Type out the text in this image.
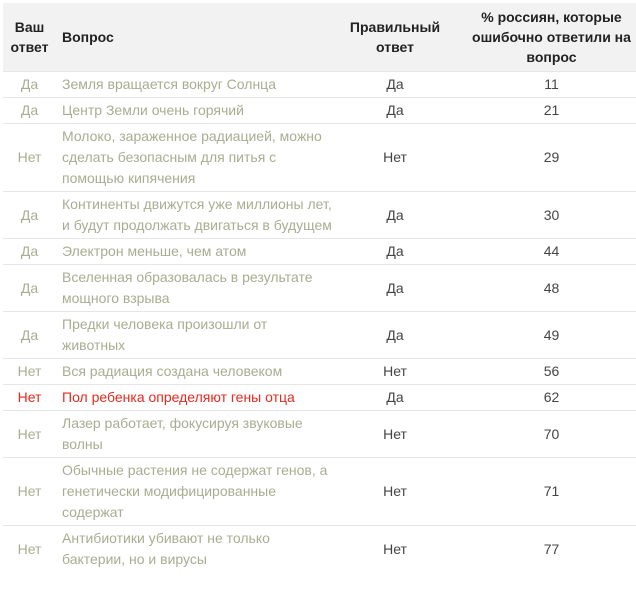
Ваш ответ	Вопрос	Правильный ответ	% россиян, которые ошибочно ответили на вопрос
Да	Земля вращается вокруг Солнца	Да	11
Да	Центр Земли очень горячий	Да	21
Нет	Молоко, зараженное радиацией, можно сделать безопасным для питья с помощью кипячения	Нет	29
Да	Континенты движутся уже миллионы лет, и будут продолжать двигаться в будущем	Да	30
Да	Электрон меньше, чем атом	Да	44
Да	Вселенная образовалась в результате мощного взрыва	Да	48
Да	Предки человека произошли от животных	Да	49
Нет	Вся радиация создана человеком	Нет	56
Нет	Пол ребенка определяют гены отца	Да	62
Нет	Лазер работает, фокусируя звуковые волны	Нет	70
Нет	Обычные растения не содержат генов, а генетически модифицированные содержат	Нет	71
Нет	Антибиотики убивают не только бактерии, но и вирусы	Нет	77
